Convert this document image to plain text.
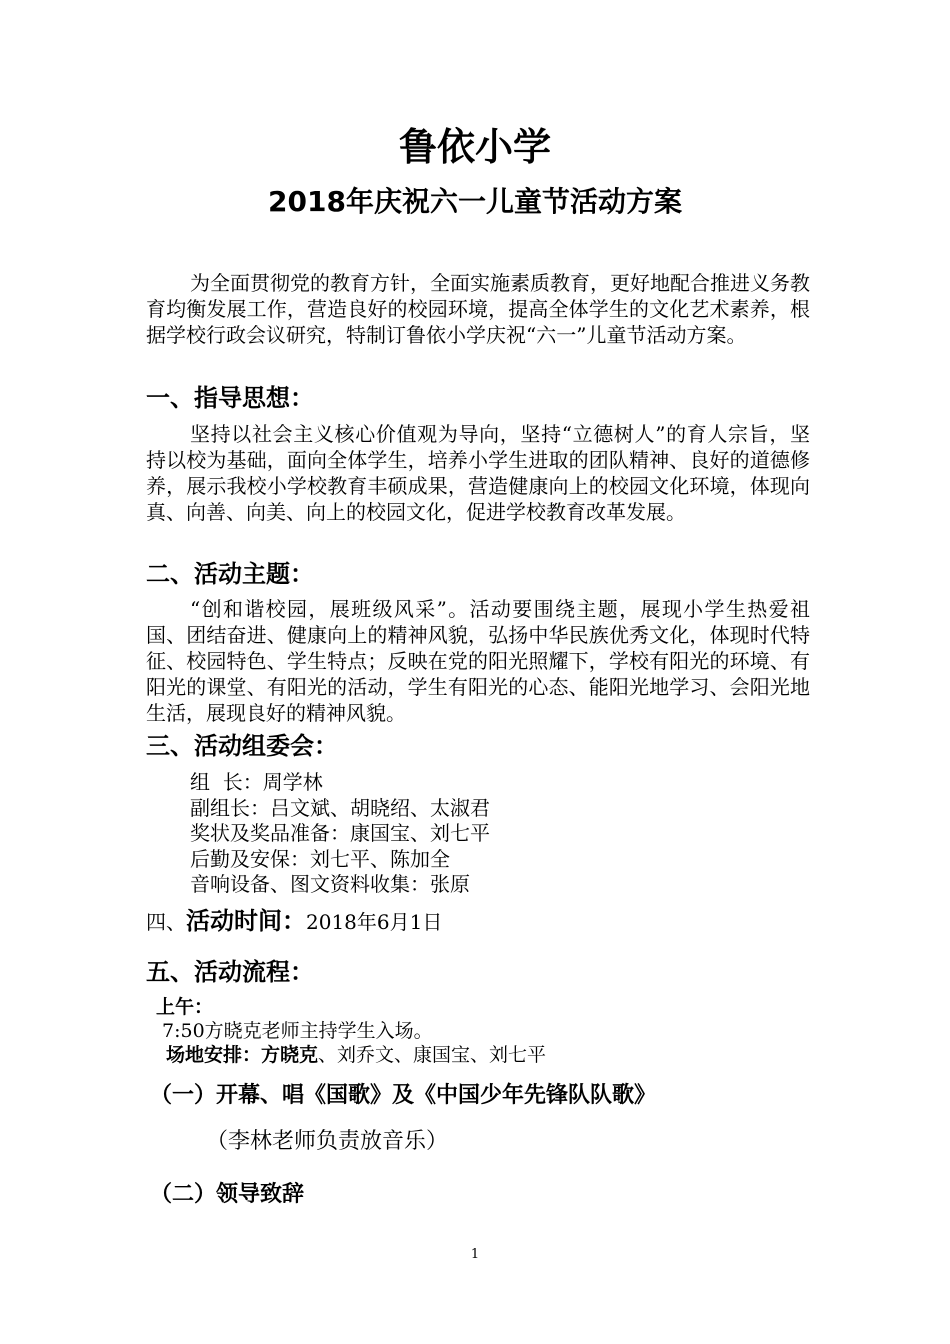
鲁依小学
2018年庆祝六一儿童节活动方案

为全面贯彻党的教育方针，全面实施素质教育，更好地配合推进义务教育均衡发展工作，营造良好的校园环境，提高全体学生的文化艺术素养，根据学校行政会议研究，特制订鲁依小学庆祝“六一”儿童节活动方案。

一、指导思想：

坚持以社会主义核心价值观为导向，坚持“立德树人”的育人宗旨，坚持以校为基础，面向全体学生，培养小学生进取的团队精神、良好的道德修养，展示我校小学校教育丰硕成果，营造健康向上的校园文化环境，体现向真、向善、向美、向上的校园文化，促进学校教育改革发展。

二、活动主题：

“创和谐校园，展班级风采”。活动要围绕主题，展现小学生热爱祖国、团结奋进、健康向上的精神风貌，弘扬中华民族优秀文化，体现时代特征、校园特色、学生特点；反映在党的阳光照耀下，学校有阳光的环境、有阳光的课堂、有阳光的活动，学生有阳光的心态、能阳光地学习、会阳光地生活，展现良好的精神风貌。

三、活动组委会：
组  长：周学林
副组长：吕文斌、胡晓绍、太淑君
奖状及奖品准备：康国宝、刘七平
后勤及安保：刘七平、陈加全
音响设备、图文资料收集：张原
四、活动时间：2018年6月1日
五、活动流程：
上午：
7:50方晓克老师主持学生入场。
场地安排：方晓克、刘乔文、康国宝、刘七平
（一）开幕、唱《国歌》及《中国少年先锋队队歌》
（李林老师负责放音乐）
（二）领导致辞
1
